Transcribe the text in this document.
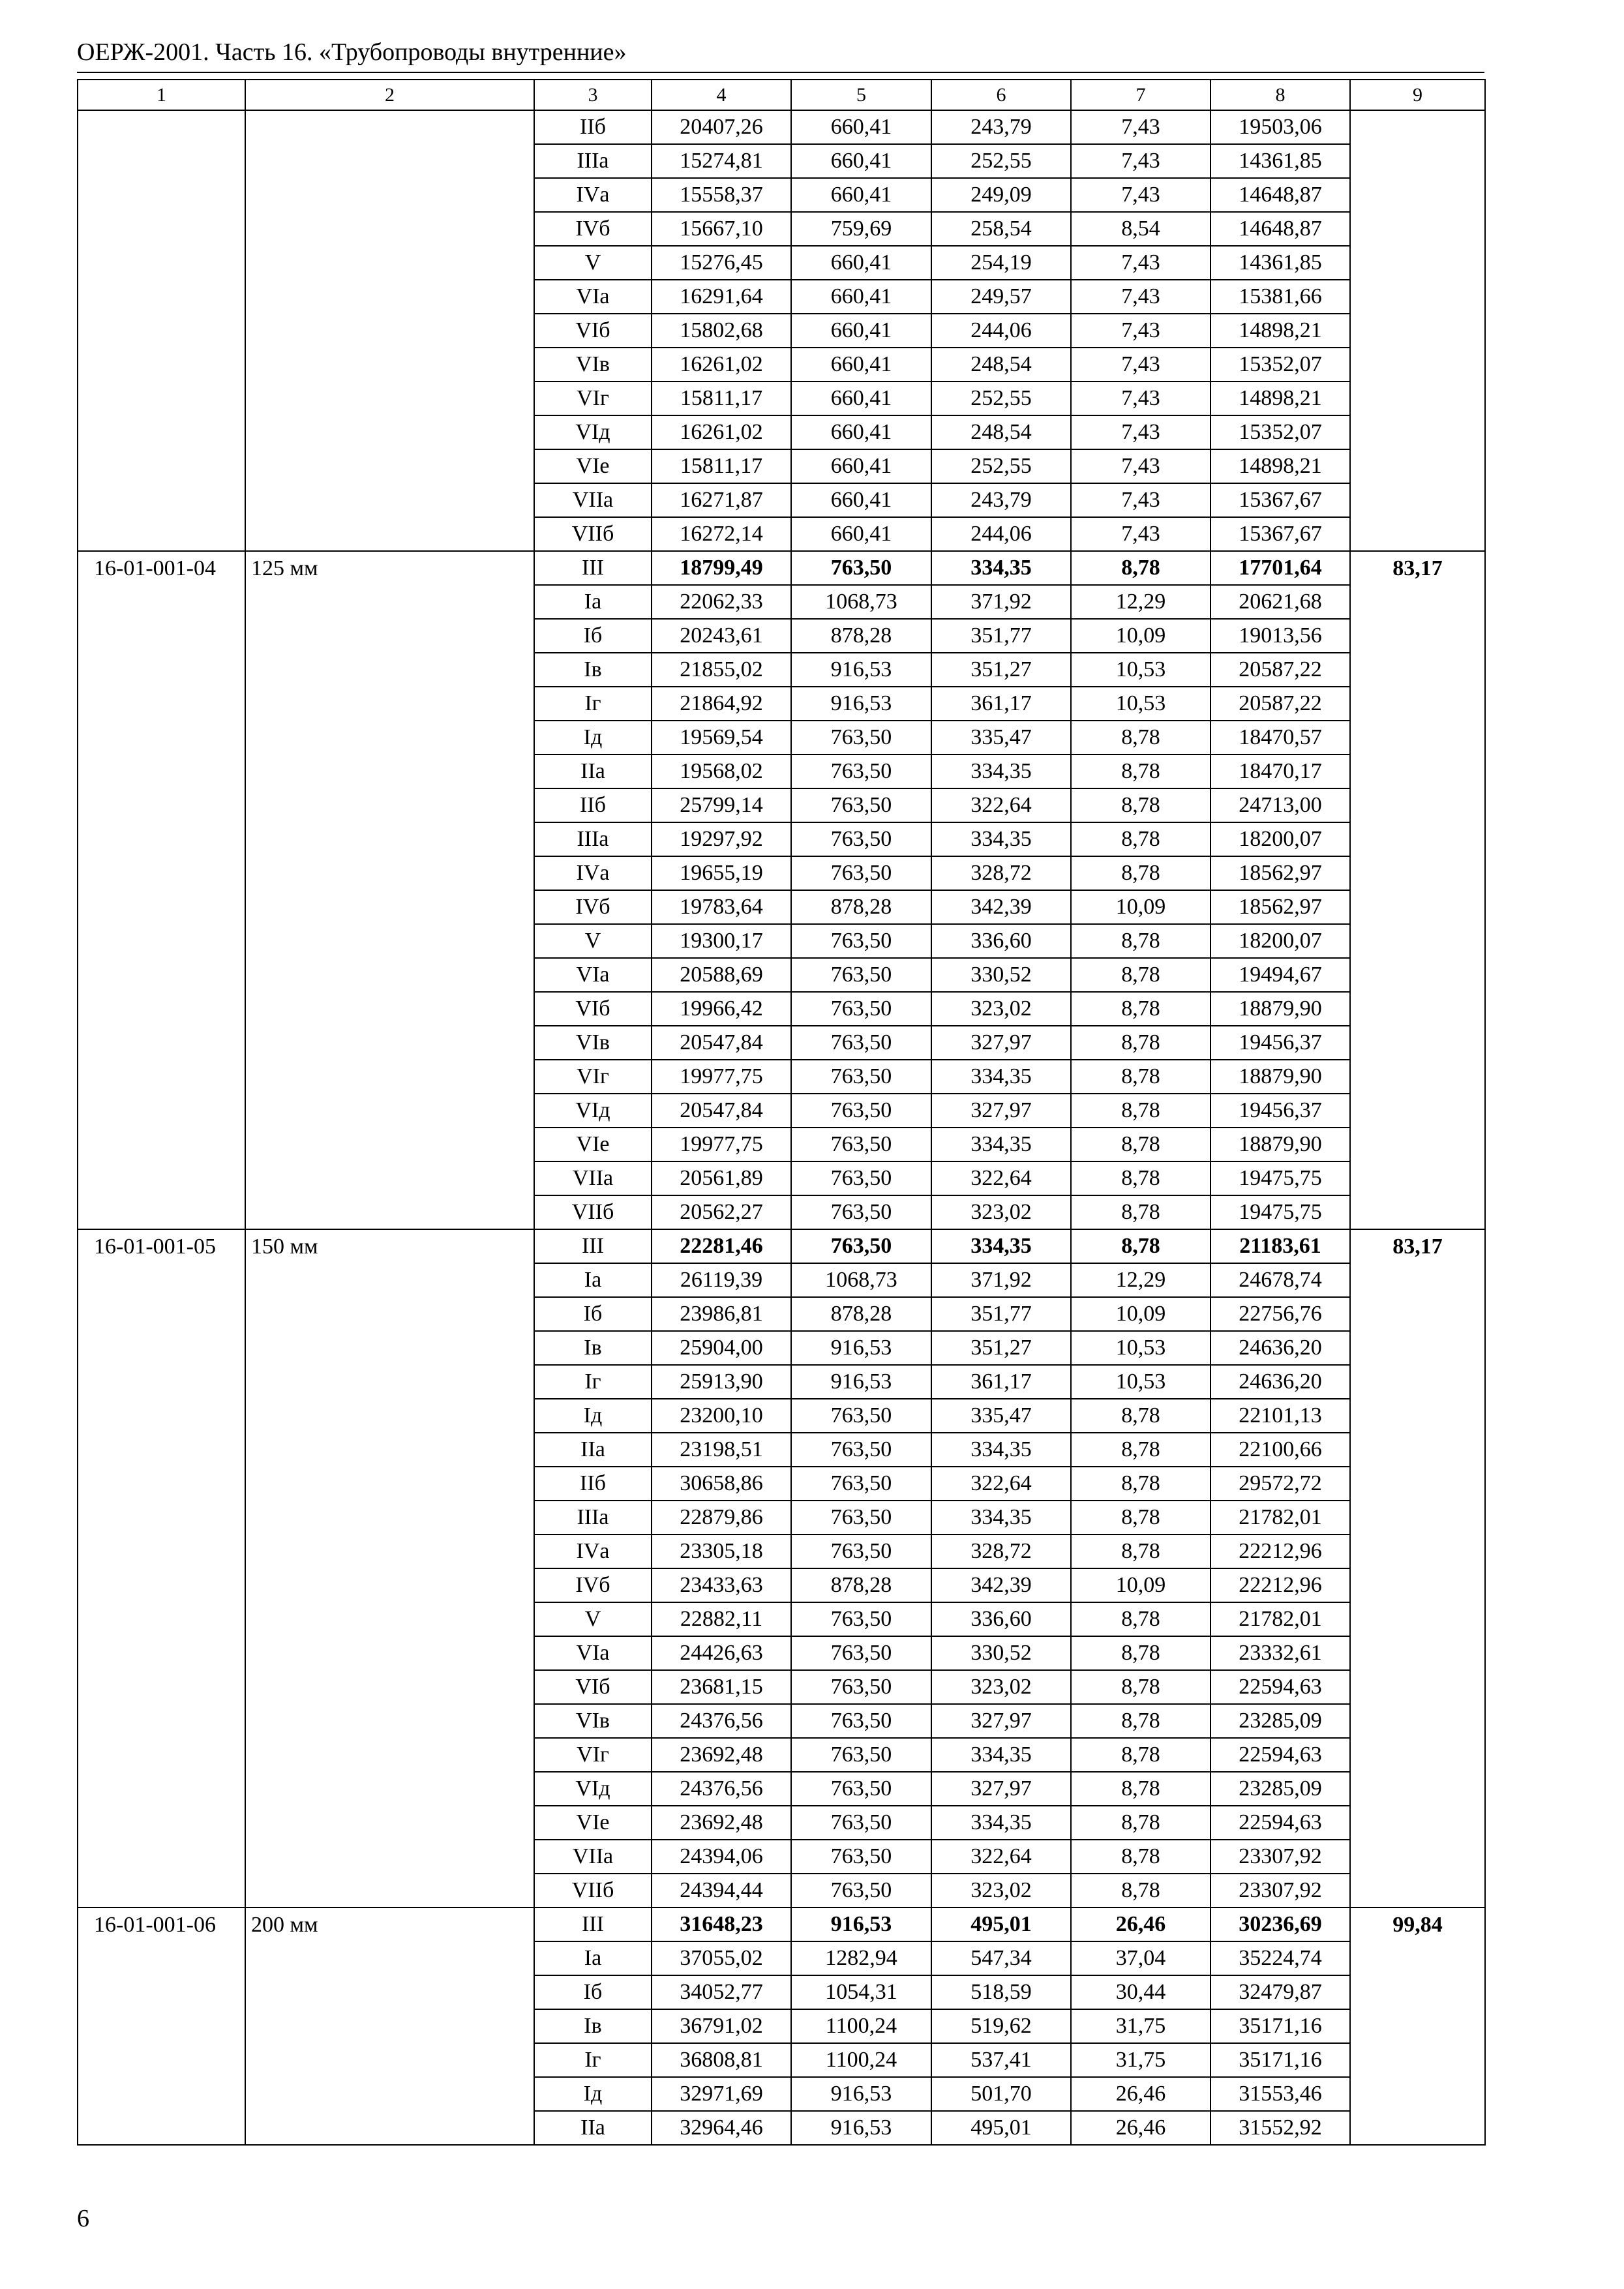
ОЕРЖ-2001. Часть 16. «Трубопроводы внутренние»
1	2	3	4	5	6	7	8	9
		IIб	20407,26	660,41	243,79	7,43	19503,06	
		IIIа	15274,81	660,41	252,55	7,43	14361,85	
		IVа	15558,37	660,41	249,09	7,43	14648,87	
		IVб	15667,10	759,69	258,54	8,54	14648,87	
		V	15276,45	660,41	254,19	7,43	14361,85	
		VIа	16291,64	660,41	249,57	7,43	15381,66	
		VIб	15802,68	660,41	244,06	7,43	14898,21	
		VIв	16261,02	660,41	248,54	7,43	15352,07	
		VIг	15811,17	660,41	252,55	7,43	14898,21	
		VIд	16261,02	660,41	248,54	7,43	15352,07	
		VIе	15811,17	660,41	252,55	7,43	14898,21	
		VIIа	16271,87	660,41	243,79	7,43	15367,67	
		VIIб	16272,14	660,41	244,06	7,43	15367,67	
16-01-001-04	125 мм	III	18799,49	763,50	334,35	8,78	17701,64	83,17
		Iа	22062,33	1068,73	371,92	12,29	20621,68	
		Iб	20243,61	878,28	351,77	10,09	19013,56	
		Iв	21855,02	916,53	351,27	10,53	20587,22	
		Iг	21864,92	916,53	361,17	10,53	20587,22	
		Iд	19569,54	763,50	335,47	8,78	18470,57	
		IIа	19568,02	763,50	334,35	8,78	18470,17	
		IIб	25799,14	763,50	322,64	8,78	24713,00	
		IIIа	19297,92	763,50	334,35	8,78	18200,07	
		IVа	19655,19	763,50	328,72	8,78	18562,97	
		IVб	19783,64	878,28	342,39	10,09	18562,97	
		V	19300,17	763,50	336,60	8,78	18200,07	
		VIа	20588,69	763,50	330,52	8,78	19494,67	
		VIб	19966,42	763,50	323,02	8,78	18879,90	
		VIв	20547,84	763,50	327,97	8,78	19456,37	
		VIг	19977,75	763,50	334,35	8,78	18879,90	
		VIд	20547,84	763,50	327,97	8,78	19456,37	
		VIе	19977,75	763,50	334,35	8,78	18879,90	
		VIIа	20561,89	763,50	322,64	8,78	19475,75	
		VIIб	20562,27	763,50	323,02	8,78	19475,75	
16-01-001-05	150 мм	III	22281,46	763,50	334,35	8,78	21183,61	83,17
		Iа	26119,39	1068,73	371,92	12,29	24678,74	
		Iб	23986,81	878,28	351,77	10,09	22756,76	
		Iв	25904,00	916,53	351,27	10,53	24636,20	
		Iг	25913,90	916,53	361,17	10,53	24636,20	
		Iд	23200,10	763,50	335,47	8,78	22101,13	
		IIа	23198,51	763,50	334,35	8,78	22100,66	
		IIб	30658,86	763,50	322,64	8,78	29572,72	
		IIIа	22879,86	763,50	334,35	8,78	21782,01	
		IVа	23305,18	763,50	328,72	8,78	22212,96	
		IVб	23433,63	878,28	342,39	10,09	22212,96	
		V	22882,11	763,50	336,60	8,78	21782,01	
		VIа	24426,63	763,50	330,52	8,78	23332,61	
		VIб	23681,15	763,50	323,02	8,78	22594,63	
		VIв	24376,56	763,50	327,97	8,78	23285,09	
		VIг	23692,48	763,50	334,35	8,78	22594,63	
		VIд	24376,56	763,50	327,97	8,78	23285,09	
		VIе	23692,48	763,50	334,35	8,78	22594,63	
		VIIа	24394,06	763,50	322,64	8,78	23307,92	
		VIIб	24394,44	763,50	323,02	8,78	23307,92	
16-01-001-06	200 мм	III	31648,23	916,53	495,01	26,46	30236,69	99,84
		Iа	37055,02	1282,94	547,34	37,04	35224,74	
		Iб	34052,77	1054,31	518,59	30,44	32479,87	
		Iв	36791,02	1100,24	519,62	31,75	35171,16	
		Iг	36808,81	1100,24	537,41	31,75	35171,16	
		Iд	32971,69	916,53	501,70	26,46	31553,46	
		IIа	32964,46	916,53	495,01	26,46	31552,92	
6
